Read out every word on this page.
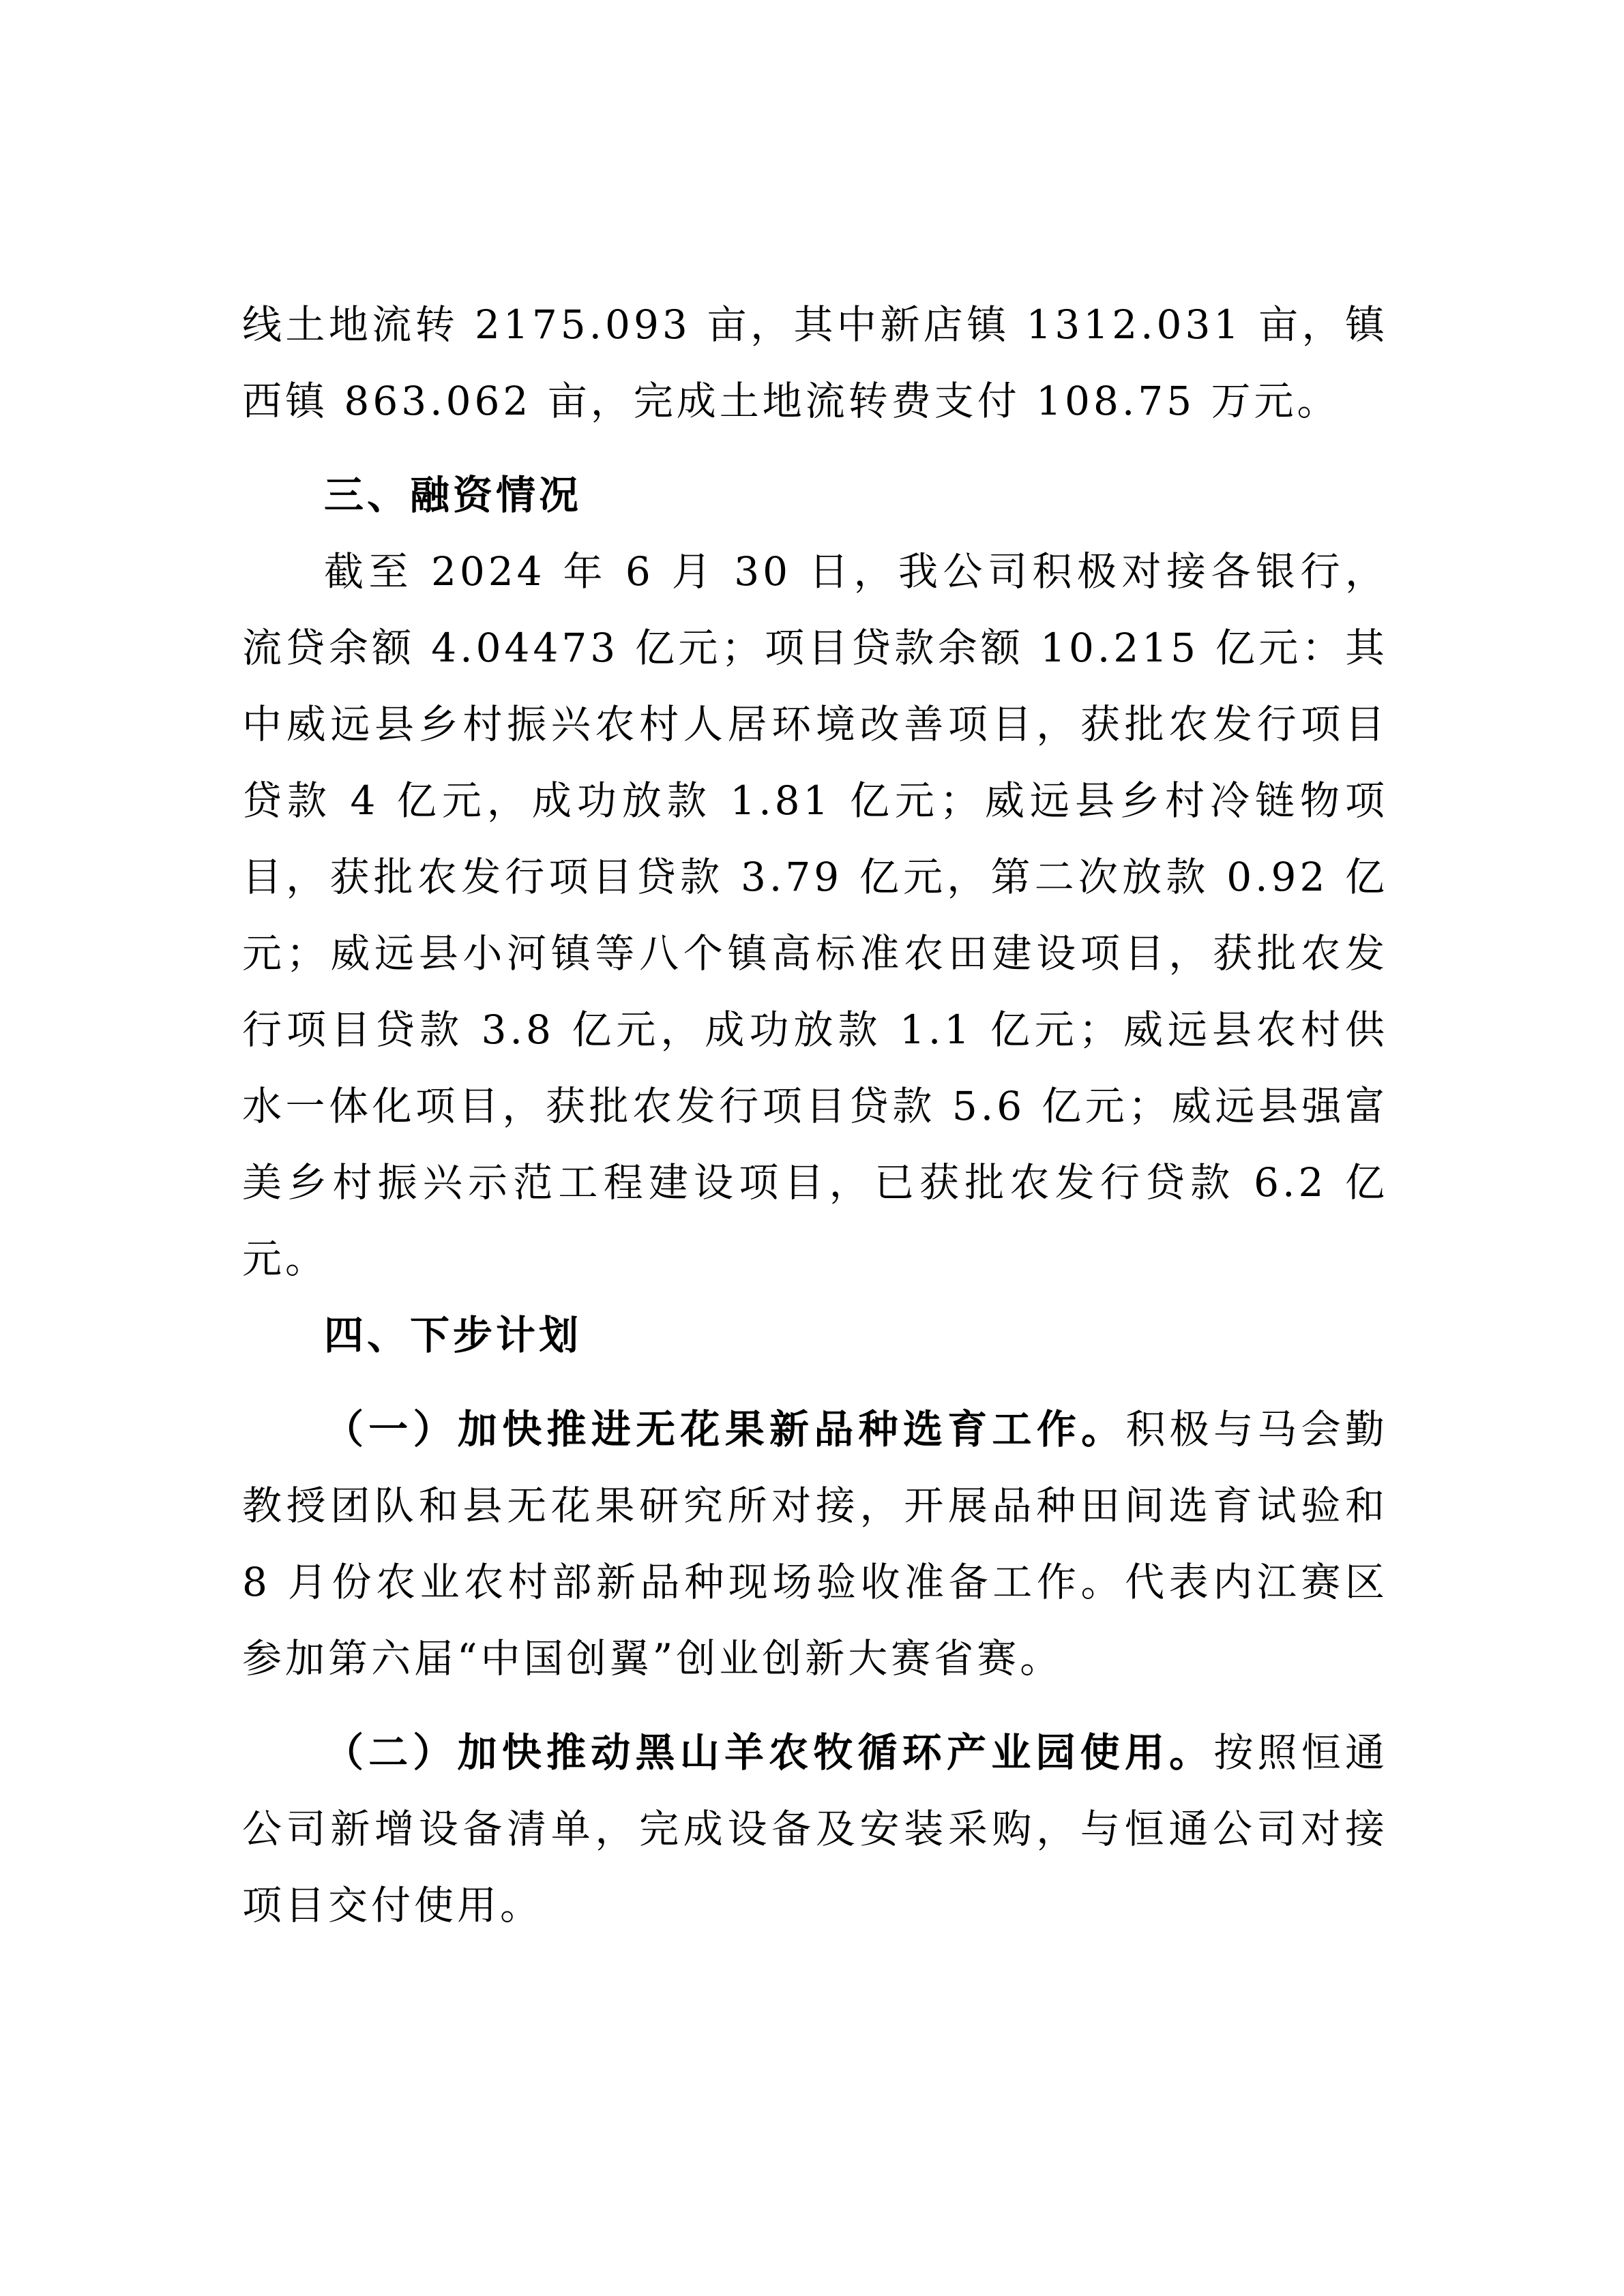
线土地流转 2175.093 亩，其中新店镇 1312.031 亩，镇西镇 863.062 亩，完成土地流转费支付 108.75 万元。

三、融资情况

截至 2024 年 6 月 30 日，我公司积极对接各银行，流贷余额 4.04473 亿元；项目贷款余额 10.215 亿元：其中威远县乡村振兴农村人居环境改善项目，获批农发行项目贷款 4 亿元，成功放款 1.81 亿元；威远县乡村冷链物项目，获批农发行项目贷款 3.79 亿元，第二次放款 0.92 亿元；威远县小河镇等八个镇高标准农田建设项目，获批农发行项目贷款 3.8 亿元，成功放款 1.1 亿元；威远县农村供水一体化项目，获批农发行项目贷款 5.6 亿元；威远县强富美乡村振兴示范工程建设项目，已获批农发行贷款 6.2 亿元。

四、下步计划

（一）加快推进无花果新品种选育工作。积极与马会勤教授团队和县无花果研究所对接，开展品种田间选育试验和 8 月份农业农村部新品种现场验收准备工作。代表内江赛区参加第六届“中国创翼”创业创新大赛省赛。

（二）加快推动黑山羊农牧循环产业园使用。按照恒通公司新增设备清单，完成设备及安装采购，与恒通公司对接项目交付使用。
